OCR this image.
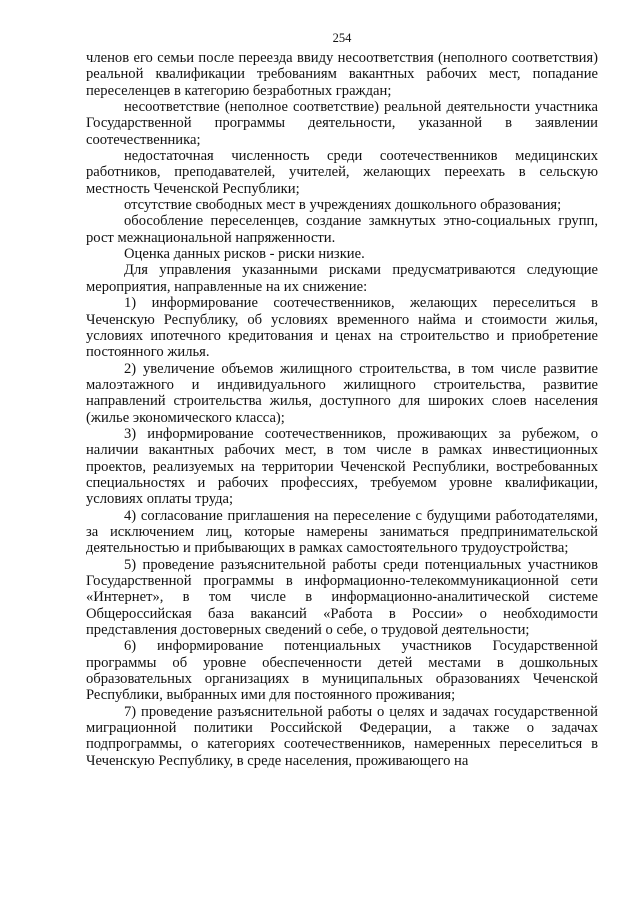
254

членов его семьи после переезда ввиду несоответствия (неполного соответствия) реальной квалификации требованиям вакантных рабочих мест, попадание переселенцев в категорию безработных граждан;

несоответствие (неполное соответствие) реальной деятельности участника Государственной программы деятельности, указанной в заявлении соотечественника;

недостаточная численность среди соотечественников медицинских работников, преподавателей, учителей, желающих переехать в сельскую местность Чеченской Республики;

отсутствие свободных мест в учреждениях дошкольного образования;

обособление переселенцев, создание замкнутых этно-социальных групп, рост межнациональной напряженности.

Оценка данных рисков - риски низкие.

Для управления указанными рисками предусматриваются следующие мероприятия, направленные на их снижение:

1) информирование соотечественников, желающих переселиться в Чеченскую Республику, об условиях временного найма и стоимости жилья, условиях ипотечного кредитования и ценах на строительство и приобретение постоянного жилья.

2) увеличение объемов жилищного строительства, в том числе развитие малоэтажного и индивидуального жилищного строительства, развитие направлений строительства жилья, доступного для широких слоев населения (жилье экономического класса);

3) информирование соотечественников, проживающих за рубежом, о наличии вакантных рабочих мест, в том числе в рамках инвестиционных проектов, реализуемых на территории Чеченской Республики, востребованных специальностях и рабочих профессиях, требуемом уровне квалификации, условиях оплаты труда;

4) согласование приглашения на переселение с будущими работодателями, за исключением лиц, которые намерены заниматься предпринимательской деятельностью и прибывающих в рамках самостоятельного трудоустройства;

5) проведение разъяснительной работы среди потенциальных участников Государственной программы в информационно-телекоммуникационной сети «Интернет», в том числе в информационно-аналитической системе Общероссийская база вакансий «Работа в России» о необходимости представления достоверных сведений о себе, о трудовой деятельности;

6) информирование потенциальных участников Государственной программы об уровне обеспеченности детей местами в дошкольных образовательных организациях в муниципальных образованиях Чеченской Республики, выбранных ими для постоянного проживания;

7) проведение разъяснительной работы о целях и задачах государственной миграционной политики Российской Федерации, а также о задачах подпрограммы, о категориях соотечественников, намеренных переселиться в Чеченскую Республику, в среде населения, проживающего на
